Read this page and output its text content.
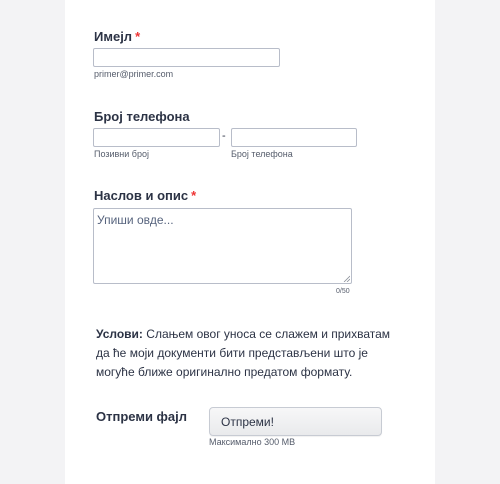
Имејл *
primer@primer.com
Број телефона
-
Позивни број	Број телефона
Наслов и опис *
Упиши овде...
0/50
Услови: Слањем овог уноса се слажем и прихватам да ће моји документи бити представљени што је могуће ближе оригинално предатом формату.
Отпреми фајл	Отпреми!
Максимално 300 MB
